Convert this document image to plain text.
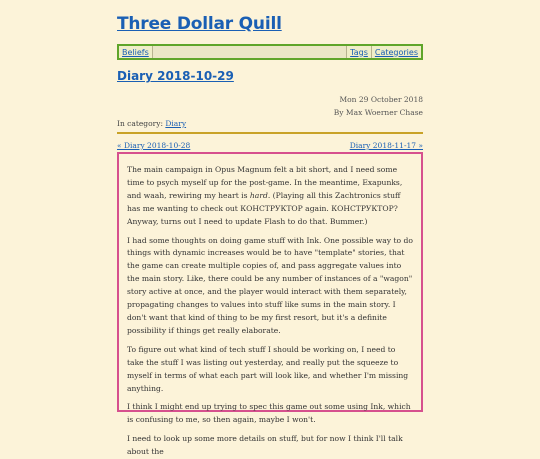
Three Dollar Quill
Beliefs	Tags Categories
Diary 2018-10-29
Mon 29 October 2018
By Max Woerner Chase
In category: Diary
« Diary 2018-10-28	Diary 2018-11-17 »

The main campaign in Opus Magnum felt a bit short, and I need some time to psych myself up for the post-game. In the meantime, Exapunks, and waah, rewiring my heart is hard. (Playing all this Zachtronics stuff has me wanting to check out КОНСТРУКТОР again. КОНСТРУКТОР? Anyway, turns out I need to update Flash to do that. Bummer.)

I had some thoughts on doing game stuff with Ink. One possible way to do things with dynamic increases would be to have "template" stories, that the game can create multiple copies of, and pass aggregate values into the main story. Like, there could be any number of instances of a "wagon" story active at once, and the player would interact with them separately, propagating changes to values into stuff like sums in the main story. I don't want that kind of thing to be my first resort, but it's a definite possibility if things get really elaborate.

To figure out what kind of tech stuff I should be working on, I need to take the stuff I was listing out yesterday, and really put the squeeze to myself in terms of what each part will look like, and whether I'm missing anything.

I think I might end up trying to spec this game out some using Ink, which is confusing to me, so then again, maybe I won't.

I need to look up some more details on stuff, but for now I think I'll talk about the
